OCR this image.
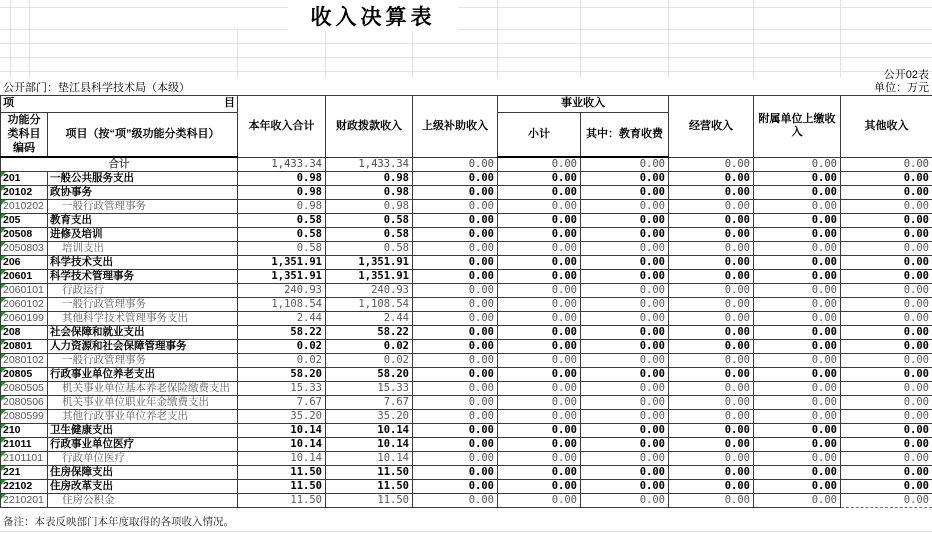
收入决算表
公开02表
公开部门：垫江县科学技术局（本级）	单位：万元
项 目		本年收入合计	财政拨款收入	上级补助收入	事业收入		经营收入	附属单位上缴收入	其他收入
功能分类科目编码	项目（按“项”级功能分类科目）				小计	其中：教育收费			
合计		1,433.34	1,433.34	0.00	0.00	0.00	0.00	0.00	0.00

201	一般公共服务支出	0.98	0.98	0.00	0.00	0.00	0.00	0.00	0.00

20102	政协事务	0.98	0.98	0.00	0.00	0.00	0.00	0.00	0.00

2010202	一般行政管理事务	0.98	0.98	0.00	0.00	0.00	0.00	0.00	0.00

205	教育支出	0.58	0.58	0.00	0.00	0.00	0.00	0.00	0.00

20508	进修及培训	0.58	0.58	0.00	0.00	0.00	0.00	0.00	0.00

2050803	培训支出	0.58	0.58	0.00	0.00	0.00	0.00	0.00	0.00

206	科学技术支出	1,351.91	1,351.91	0.00	0.00	0.00	0.00	0.00	0.00

20601	科学技术管理事务	1,351.91	1,351.91	0.00	0.00	0.00	0.00	0.00	0.00

2060101	行政运行	240.93	240.93	0.00	0.00	0.00	0.00	0.00	0.00

2060102	一般行政管理事务	1,108.54	1,108.54	0.00	0.00	0.00	0.00	0.00	0.00

2060199	其他科学技术管理事务支出	2.44	2.44	0.00	0.00	0.00	0.00	0.00	0.00

208	社会保障和就业支出	58.22	58.22	0.00	0.00	0.00	0.00	0.00	0.00

20801	人力资源和社会保障管理事务	0.02	0.02	0.00	0.00	0.00	0.00	0.00	0.00

2080102	一般行政管理事务	0.02	0.02	0.00	0.00	0.00	0.00	0.00	0.00

20805	行政事业单位养老支出	58.20	58.20	0.00	0.00	0.00	0.00	0.00	0.00

2080505	机关事业单位基本养老保险缴费支出	15.33	15.33	0.00	0.00	0.00	0.00	0.00	0.00

2080506	机关事业单位职业年金缴费支出	7.67	7.67	0.00	0.00	0.00	0.00	0.00	0.00

2080599	其他行政事业单位养老支出	35.20	35.20	0.00	0.00	0.00	0.00	0.00	0.00

210	卫生健康支出	10.14	10.14	0.00	0.00	0.00	0.00	0.00	0.00

21011	行政事业单位医疗	10.14	10.14	0.00	0.00	0.00	0.00	0.00	0.00

2101101	行政单位医疗	10.14	10.14	0.00	0.00	0.00	0.00	0.00	0.00

221	住房保障支出	11.50	11.50	0.00	0.00	0.00	0.00	0.00	0.00

22102	住房改革支出	11.50	11.50	0.00	0.00	0.00	0.00	0.00	0.00

2210201	住房公积金	11.50	11.50	0.00	0.00	0.00	0.00	0.00	0.00
备注：本表反映部门本年度取得的各项收入情况。
